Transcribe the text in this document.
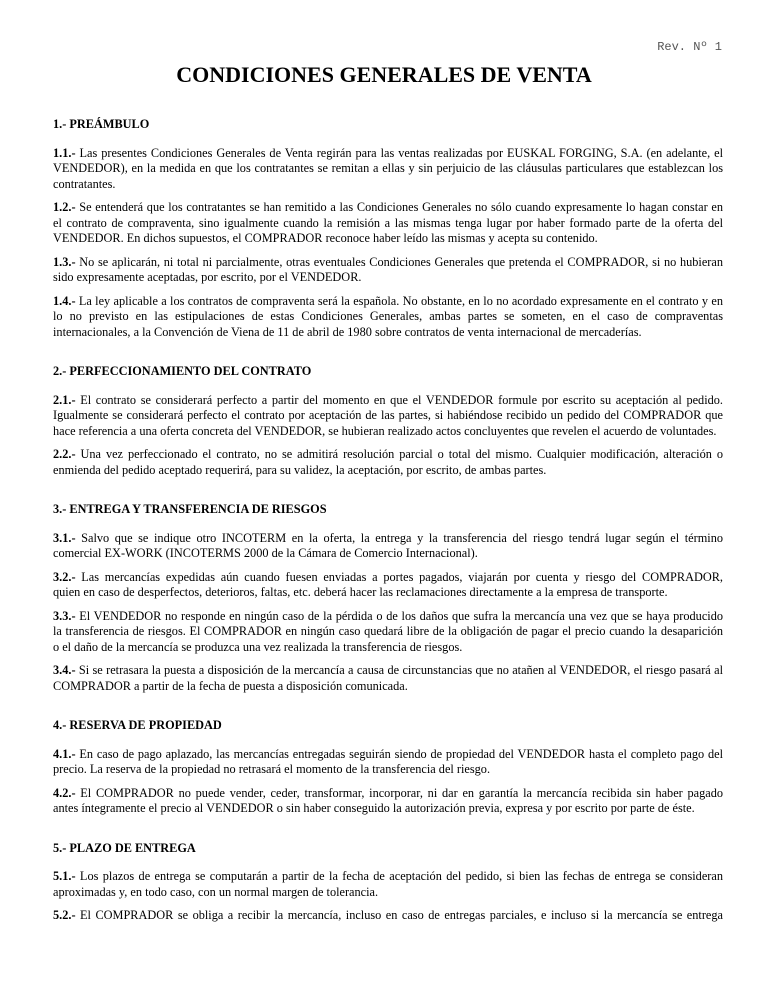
Rev. Nº 1
CONDICIONES GENERALES DE VENTA
1.- PREÁMBULO
1.1.- Las presentes Condiciones Generales de Venta regirán para las ventas realizadas por EUSKAL FORGING, S.A. (en adelante, el
VENDEDOR), en la medida en que los contratantes se remitan a ellas y sin perjuicio de las cláusulas particulares que establezcan los
contratantes.
1.2.- Se entenderá que los contratantes se han remitido a las Condiciones Generales no sólo cuando expresamente lo hagan constar en
el contrato de compraventa, sino igualmente cuando la remisión a las mismas tenga lugar por haber formado parte de la oferta del
VENDEDOR. En dichos supuestos, el COMPRADOR reconoce haber leído las mismas y acepta su contenido.
1.3.- No se aplicarán, ni total ni parcialmente, otras eventuales Condiciones Generales que pretenda el COMPRADOR, si no hubieran
sido expresamente aceptadas, por escrito, por el VENDEDOR.
1.4.- La ley aplicable a los contratos de compraventa será la española. No obstante, en lo no acordado expresamente en el contrato y en
lo no previsto en las estipulaciones de estas Condiciones Generales, ambas partes se someten, en el caso de compraventas
internacionales, a la Convención de Viena de 11 de abril de 1980 sobre contratos de venta internacional de mercaderías.
2.- PERFECCIONAMIENTO DEL CONTRATO
2.1.- El contrato se considerará perfecto a partir del momento en que el VENDEDOR formule por escrito su aceptación al pedido.
Igualmente se considerará perfecto el contrato por aceptación de las partes, si habiéndose recibido un pedido del COMPRADOR que
hace referencia a una oferta concreta del VENDEDOR, se hubieran realizado actos concluyentes que revelen el acuerdo de voluntades.
2.2.- Una vez perfeccionado el contrato, no se admitirá resolución parcial o total del mismo. Cualquier modificación, alteración o
enmienda del pedido aceptado requerirá, para su validez, la aceptación, por escrito, de ambas partes.
3.- ENTREGA Y TRANSFERENCIA DE RIESGOS
3.1.- Salvo que se indique otro INCOTERM en la oferta, la entrega y la transferencia del riesgo tendrá lugar según el término
comercial EX-WORK (INCOTERMS 2000 de la Cámara de Comercio Internacional).
3.2.- Las mercancías expedidas aún cuando fuesen enviadas a portes pagados, viajarán por cuenta y riesgo del COMPRADOR,
quien en caso de desperfectos, deterioros, faltas, etc. deberá hacer las reclamaciones directamente a la empresa de transporte.
3.3.- El VENDEDOR no responde en ningún caso de la pérdida o de los daños que sufra la mercancía una vez que se haya producido
la transferencia de riesgos. El COMPRADOR en ningún caso quedará libre de la obligación de pagar el precio cuando la desaparición
o el daño de la mercancía se produzca una vez realizada la transferencia de riesgos.
3.4.- Si se retrasara la puesta a disposición de la mercancía a causa de circunstancias que no atañen al VENDEDOR, el riesgo pasará al
COMPRADOR a partir de la fecha de puesta a disposición comunicada.
4.- RESERVA DE PROPIEDAD
4.1.- En caso de pago aplazado, las mercancías entregadas seguirán siendo de propiedad del VENDEDOR hasta el completo pago del
precio. La reserva de la propiedad no retrasará el momento de la transferencia del riesgo.
4.2.- El COMPRADOR no puede vender, ceder, transformar, incorporar, ni dar en garantía la mercancía recibida sin haber pagado
antes íntegramente el precio al VENDEDOR o sin haber conseguido la autorización previa, expresa y por escrito por parte de éste.
5.- PLAZO DE ENTREGA
5.1.- Los plazos de entrega se computarán a partir de la fecha de aceptación del pedido, si bien las fechas de entrega se consideran
aproximadas y, en todo caso, con un normal margen de tolerancia.
5.2.- El COMPRADOR se obliga a recibir la mercancía, incluso en caso de entregas parciales, e incluso si la mercancía se entrega
